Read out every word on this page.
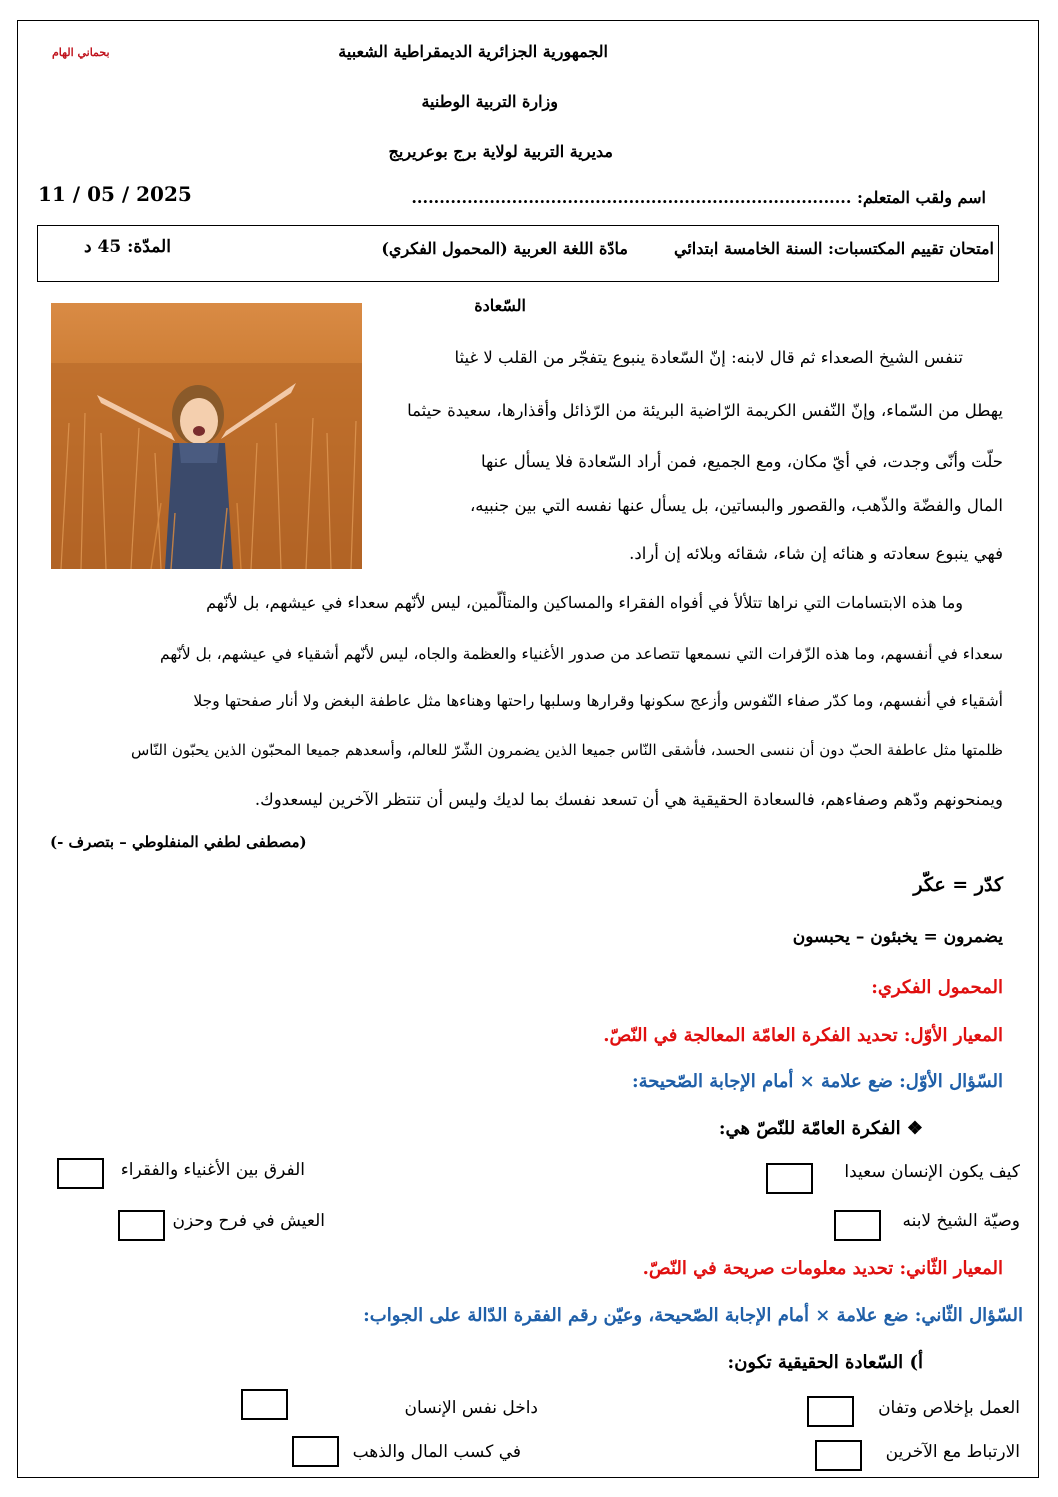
الجمهورية الجزائرية الديمقراطية الشعبية
وزارة التربية الوطنية
مديرية التربية لولاية برج بوعريريج
بحماني الهام
اسم ولقب المتعلم: ...............................................................................
11 / 05 / 2025
امتحان تقييم المكتسبات: السنة الخامسة ابتدائي
مادّة اللغة العربية (المحمول الفكري)
المدّة: 45 د
السّعادة
تنفس الشيخ الصعداء ثم قال لابنه: إنّ السّعادة ينبوع يتفجّر من القلب لا غيثا
يهطل من السّماء، وإنّ النّفس الكريمة الرّاضية البريئة من الرّذائل وأقذارها، سعيدة حيثما
حلّت وأنّى وجدت، في أيّ مكان، ومع الجميع، فمن أراد السّعادة فلا يسأل عنها
المال والفضّة والذّهب، والقصور والبساتين، بل يسأل عنها نفسه التي بين جنبيه،
فهي ينبوع سعادته و هنائه إن شاء، شقائه وبلائه إن أراد.
وما هذه الابتسامات التي نراها تتلألأ في أفواه الفقراء والمساكين والمتألّمين، ليس لأنّهم سعداء في عيشهم، بل لأنّهم
سعداء في أنفسهم، وما هذه الزّفرات التي نسمعها تتصاعد من صدور الأغنياء والعظمة والجاه، ليس لأنّهم أشقياء في عيشهم، بل لأنّهم
أشقياء في أنفسهم، وما كدّر صفاء النّفوس وأزعج سكونها وقرارها وسلبها راحتها وهناءها مثل عاطفة البغض ولا أنار صفحتها وجلا
ظلمتها مثل عاطفة الحبّ دون أن ننسى الحسد، فأشقى النّاس جميعا الذين يضمرون الشّرّ للعالم، وأسعدهم جميعا المحبّون الذين يحبّون النّاس
ويمنحونهم ودّهم وصفاءهم، فالسعادة الحقيقية هي أن تسعد نفسك بما لديك وليس أن تنتظر الآخرين ليسعدوك.
(مصطفى لطفي المنفلوطي – بتصرف -)
كدّر = عكّر
يضمرون = يخبئون – يحبسون
المحمول الفكري:
المعيار الأوّل: تحديد الفكرة العامّة المعالجة في النّصّ.
السّؤال الأوّل: ضع علامة × أمام الإجابة الصّحيحة:
❖ الفكرة العامّة للنّصّ هي:
كيف يكون الإنسان سعيدا
الفرق بين الأغنياء والفقراء
وصيّة الشيخ لابنه
العيش في فرح وحزن
المعيار الثّاني: تحديد معلومات صريحة في النّصّ.
السّؤال الثّاني: ضع علامة × أمام الإجابة الصّحيحة، وعيّن رقم الفقرة الدّالة على الجواب:
أ) السّعادة الحقيقية تكون:
العمل بإخلاص وتفان
داخل نفس الإنسان
الارتباط مع الآخرين
في كسب المال والذهب
